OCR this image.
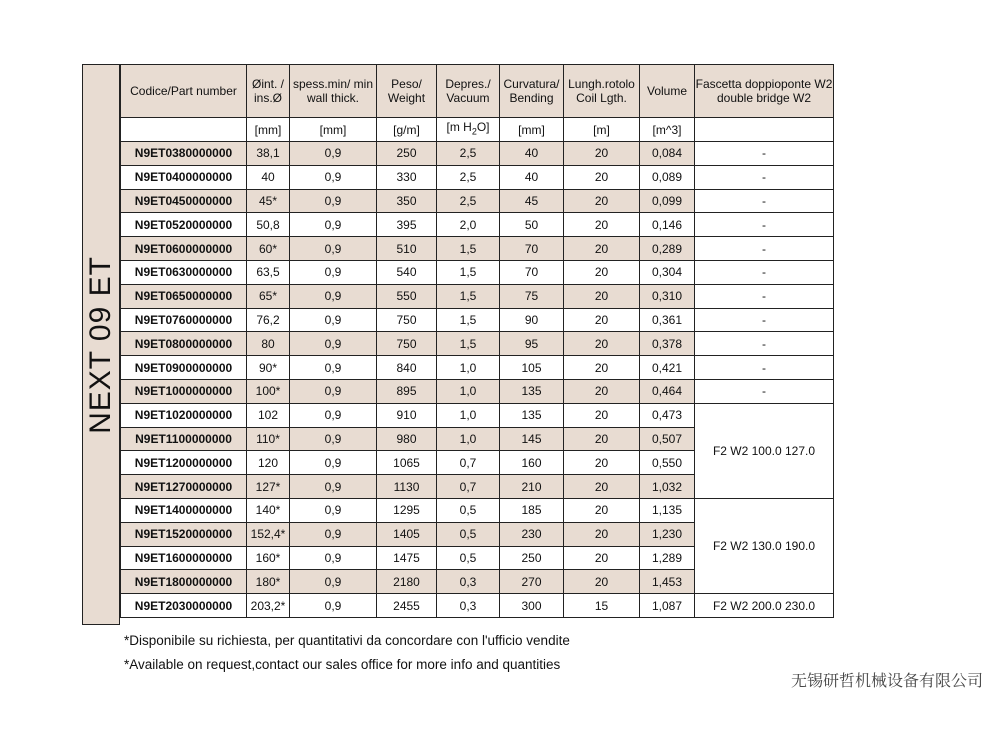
NEXT 09 ET
Codice/Part number	Øint. / ins.Ø	spess.min/ min wall thick.	Peso/ Weight	Depres./ Vacuum	Curvatura/ Bending	Lungh.rotolo Coil Lgth.	Volume	Fascetta doppioponte W2 double bridge W2
	[mm]	[mm]	[g/m]	[m $H_2O$]	[mm]	[m]	[m^3]	
N9ET0380000000	38,1	0,9	250	2,5	40	20	0,084	-
N9ET0400000000	40	0,9	330	2,5	40	20	0,089	-
N9ET0450000000	45*	0,9	350	2,5	45	20	0,099	-
N9ET0520000000	50,8	0,9	395	2,0	50	20	0,146	-
N9ET0600000000	60*	0,9	510	1,5	70	20	0,289	-
N9ET0630000000	63,5	0,9	540	1,5	70	20	0,304	-
N9ET0650000000	65*	0,9	550	1,5	75	20	0,310	-
N9ET0760000000	76,2	0,9	750	1,5	90	20	0,361	-
N9ET0800000000	80	0,9	750	1,5	95	20	0,378	-
N9ET0900000000	90*	0,9	840	1,0	105	20	0,421	-
N9ET1000000000	100*	0,9	895	1,0	135	20	0,464	-
N9ET1020000000	102	0,9	910	1,0	135	20	0,473	F2 W2 100.0 127.0
N9ET1100000000	110*	0,9	980	1,0	145	20	0,507	
N9ET1200000000	120	0,9	1065	0,7	160	20	0,550	
N9ET1270000000	127*	0,9	1130	0,7	210	20	1,032	
N9ET1400000000	140*	0,9	1295	0,5	185	20	1,135	F2 W2 130.0 190.0
N9ET1520000000	152,4*	0,9	1405	0,5	230	20	1,230	
N9ET1600000000	160*	0,9	1475	0,5	250	20	1,289	
N9ET1800000000	180*	0,9	2180	0,3	270	20	1,453	
N9ET2030000000	203,2*	0,9	2455	0,3	300	15	1,087	F2 W2 200.0 230.0
*Disponibile su richiesta, per quantitativi da concordare con l'ufficio vendite
*Available on request,contact our sales office for more info and quantities
无锡研哲机械设备有限公司
